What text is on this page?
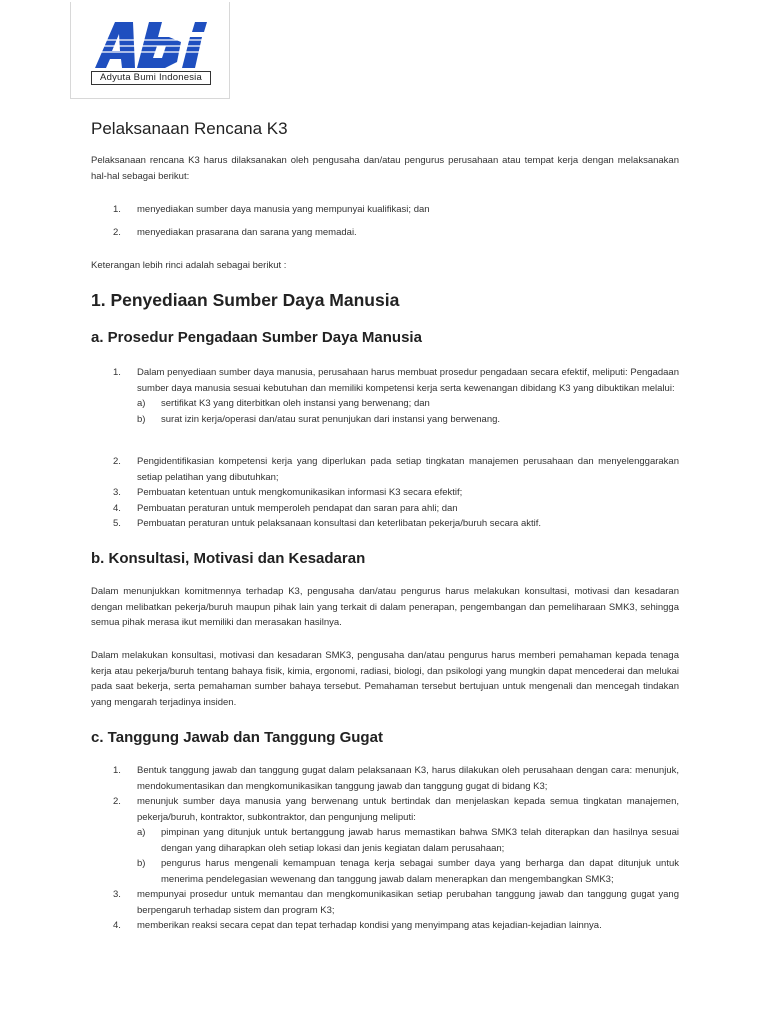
Adyuta Bumi Indonesia
Pelaksanaan Rencana K3

Pelaksanaan rencana K3 harus dilaksanakan oleh pengusaha dan/atau pengurus perusahaan atau tempat kerja dengan melaksanakan hal-hal sebagai berikut:

1. menyediakan sumber daya manusia yang mempunyai kualifikasi; dan
2. menyediakan prasarana dan sarana yang memadai.

Keterangan lebih rinci adalah sebagai berikut :

1. Penyediaan Sumber Daya Manusia
a. Prosedur Pengadaan Sumber Daya Manusia
1. Dalam penyediaan sumber daya manusia, perusahaan harus membuat prosedur pengadaan secara efektif, meliputi: Pengadaan sumber daya manusia sesuai kebutuhan dan memiliki kompetensi kerja serta kewenangan dibidang K3 yang dibuktikan melalui:
a) sertifikat K3 yang diterbitkan oleh instansi yang berwenang; dan
b) surat izin kerja/operasi dan/atau surat penunjukan dari instansi yang berwenang.
2. Pengidentifikasian kompetensi kerja yang diperlukan pada setiap tingkatan manajemen perusahaan dan menyelenggarakan setiap pelatihan yang dibutuhkan;
3. Pembuatan ketentuan untuk mengkomunikasikan informasi K3 secara efektif;
4. Pembuatan peraturan untuk memperoleh pendapat dan saran para ahli; dan
5. Pembuatan peraturan untuk pelaksanaan konsultasi dan keterlibatan pekerja/buruh secara aktif.
b. Konsultasi, Motivasi dan Kesadaran

Dalam menunjukkan komitmennya terhadap K3, pengusaha dan/atau pengurus harus melakukan konsultasi, motivasi dan kesadaran dengan melibatkan pekerja/buruh maupun pihak lain yang terkait di dalam penerapan, pengembangan dan pemeliharaan SMK3, sehingga semua pihak merasa ikut memiliki dan merasakan hasilnya.

Dalam melakukan konsultasi, motivasi dan kesadaran SMK3, pengusaha dan/atau pengurus harus memberi pemahaman kepada tenaga kerja atau pekerja/buruh tentang bahaya fisik, kimia, ergonomi, radiasi, biologi, dan psikologi yang mungkin dapat mencederai dan melukai pada saat bekerja, serta pemahaman sumber bahaya tersebut. Pemahaman tersebut bertujuan untuk mengenali dan mencegah tindakan yang mengarah terjadinya insiden.

c. Tanggung Jawab dan Tanggung Gugat
1. Bentuk tanggung jawab dan tanggung gugat dalam pelaksanaan K3, harus dilakukan oleh perusahaan dengan cara: menunjuk, mendokumentasikan dan mengkomunikasikan tanggung jawab dan tanggung gugat di bidang K3;
2. menunjuk sumber daya manusia yang berwenang untuk bertindak dan menjelaskan kepada semua tingkatan manajemen, pekerja/buruh, kontraktor, subkontraktor, dan pengunjung meliputi:
a) pimpinan yang ditunjuk untuk bertanggung jawab harus memastikan bahwa SMK3 telah diterapkan dan hasilnya sesuai dengan yang diharapkan oleh setiap lokasi dan jenis kegiatan dalam perusahaan;
b) pengurus harus mengenali kemampuan tenaga kerja sebagai sumber daya yang berharga dan dapat ditunjuk untuk menerima pendelegasian wewenang dan tanggung jawab dalam menerapkan dan mengembangkan SMK3;
3. mempunyai prosedur untuk memantau dan mengkomunikasikan setiap perubahan tanggung jawab dan tanggung gugat yang berpengaruh terhadap sistem dan program K3;
4. memberikan reaksi secara cepat dan tepat terhadap kondisi yang menyimpang atas kejadian-kejadian lainnya.
